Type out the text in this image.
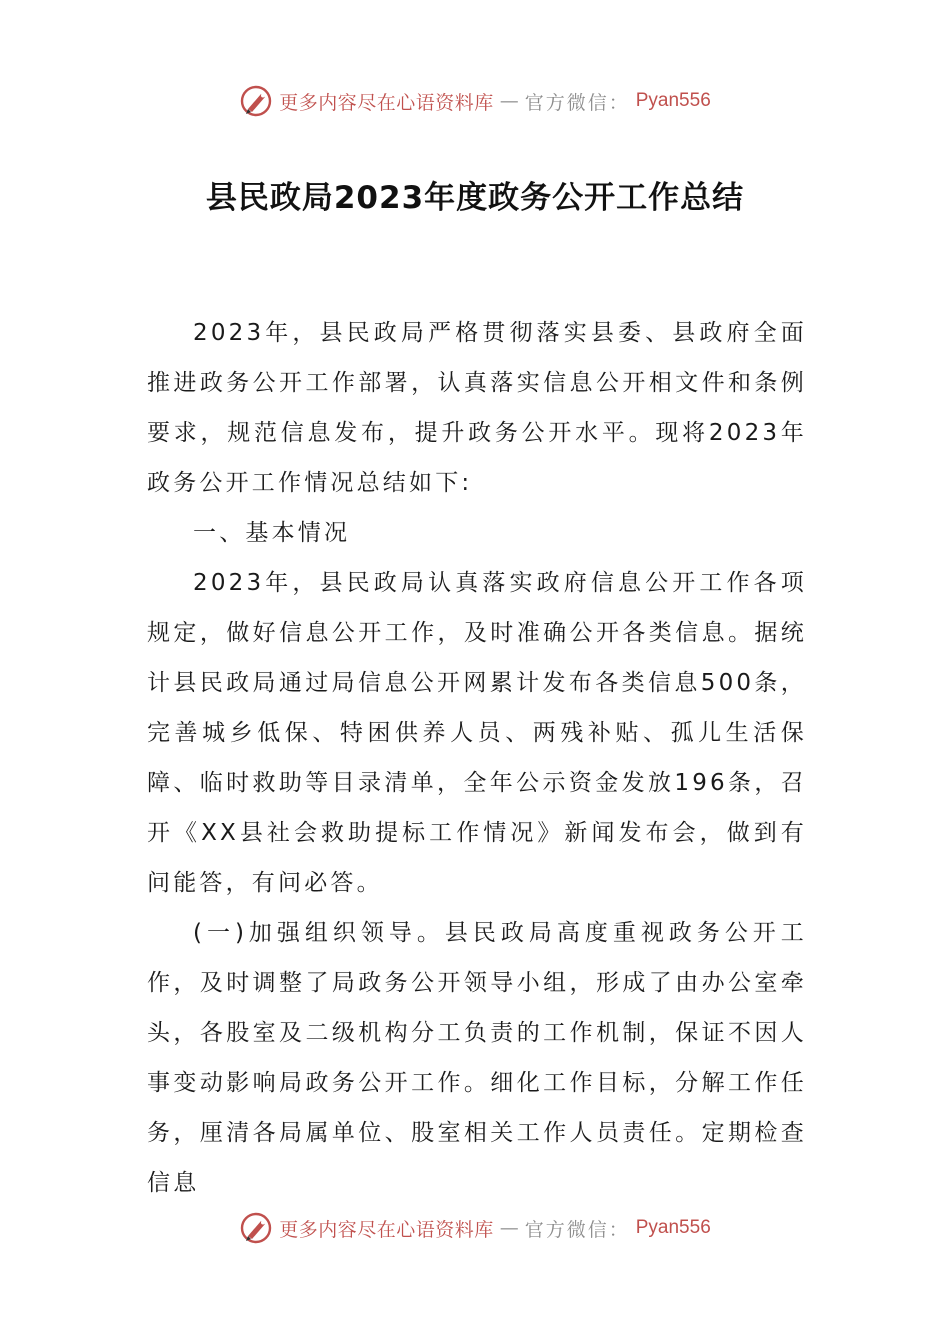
更多内容尽在心语资料库 — 官方微信： Pyan556
县民政局2023年度政务公开工作总结

2023年，县民政局严格贯彻落实县委、县政府全面推进政务公开工作部署，认真落实信息公开相文件和条例要求，规范信息发布，提升政务公开水平。现将2023年政务公开工作情况总结如下:

一、基本情况

2023年，县民政局认真落实政府信息公开工作各项规定，做好信息公开工作，及时准确公开各类信息。据统计县民政局通过局信息公开网累计发布各类信息500条，完善城乡低保、特困供养人员、两残补贴、孤儿生活保障、临时救助等目录清单，全年公示资金发放196条，召开《XX县社会救助提标工作情况》新闻发布会，做到有问能答，有问必答。

(一)加强组织领导。县民政局高度重视政务公开工作，及时调整了局政务公开领导小组，形成了由办公室牵头，各股室及二级机构分工负责的工作机制，保证不因人事变动影响局政务公开工作。细化工作目标，分解工作任务，厘清各局属单位、股室相关工作人员责任。定期检查信息

更多内容尽在心语资料库 — 官方微信： Pyan556
